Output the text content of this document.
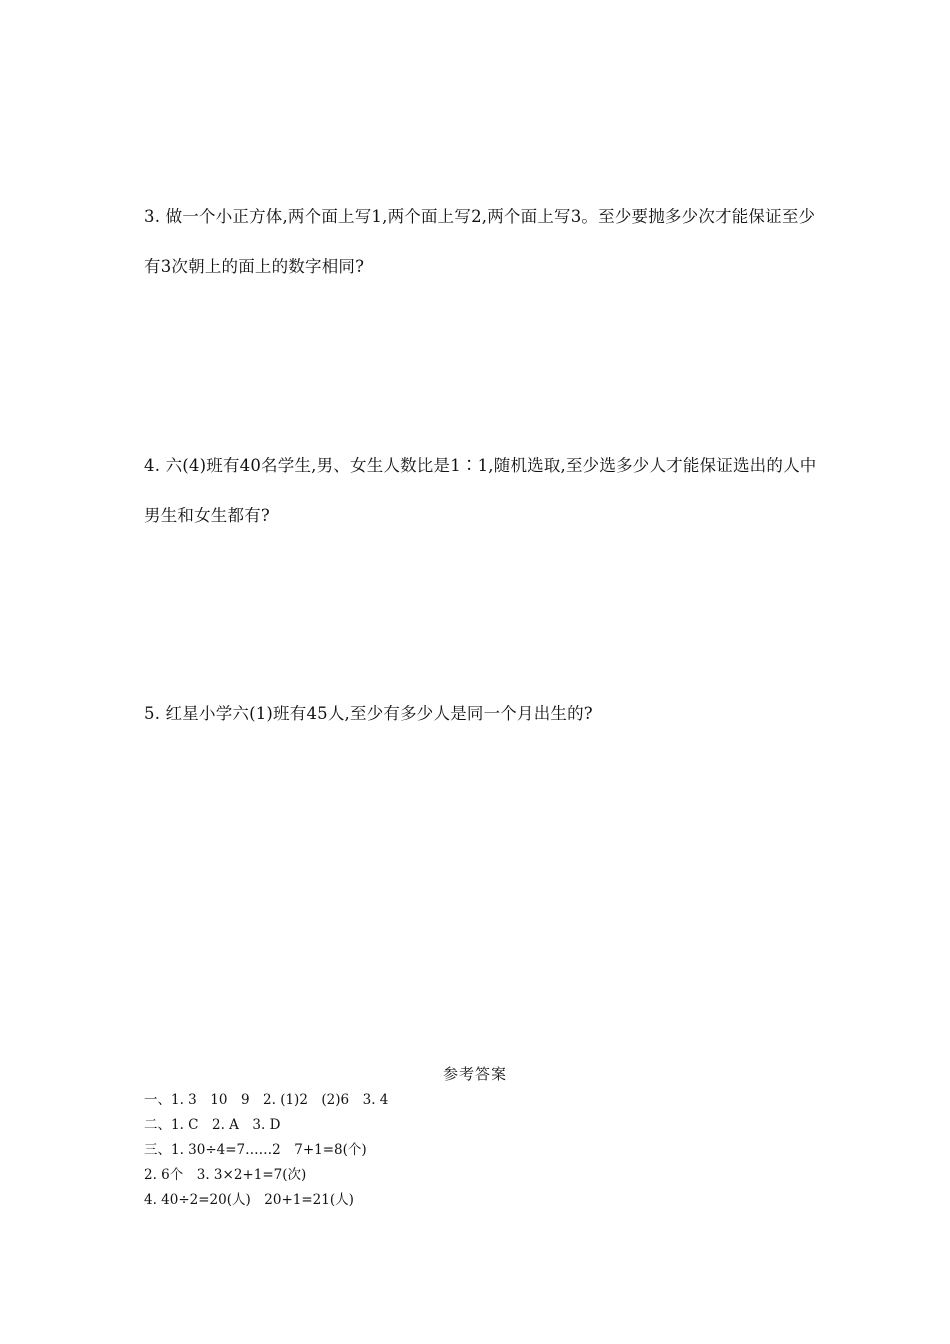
3. 做一个小正方体,两个面上写1,两个面上写2,两个面上写3。至少要抛多少次才能保证至少
有3次朝上的面上的数字相同?
4. 六(4)班有40名学生,男、女生人数比是1∶1,随机选取,至少选多少人才能保证选出的人中
男生和女生都有?
5. 红星小学六(1)班有45人,至少有多少人是同一个月出生的?
参考答案
一、1. 3　10　9　2. (1)2　(2)6　3. 4
二、1. C　2. A　3. D
三、1. 30÷4=7……2　7+1=8(个)
2. 6个　3. 3×2+1=7(次)
4. 40÷2=20(人)　20+1=21(人)
